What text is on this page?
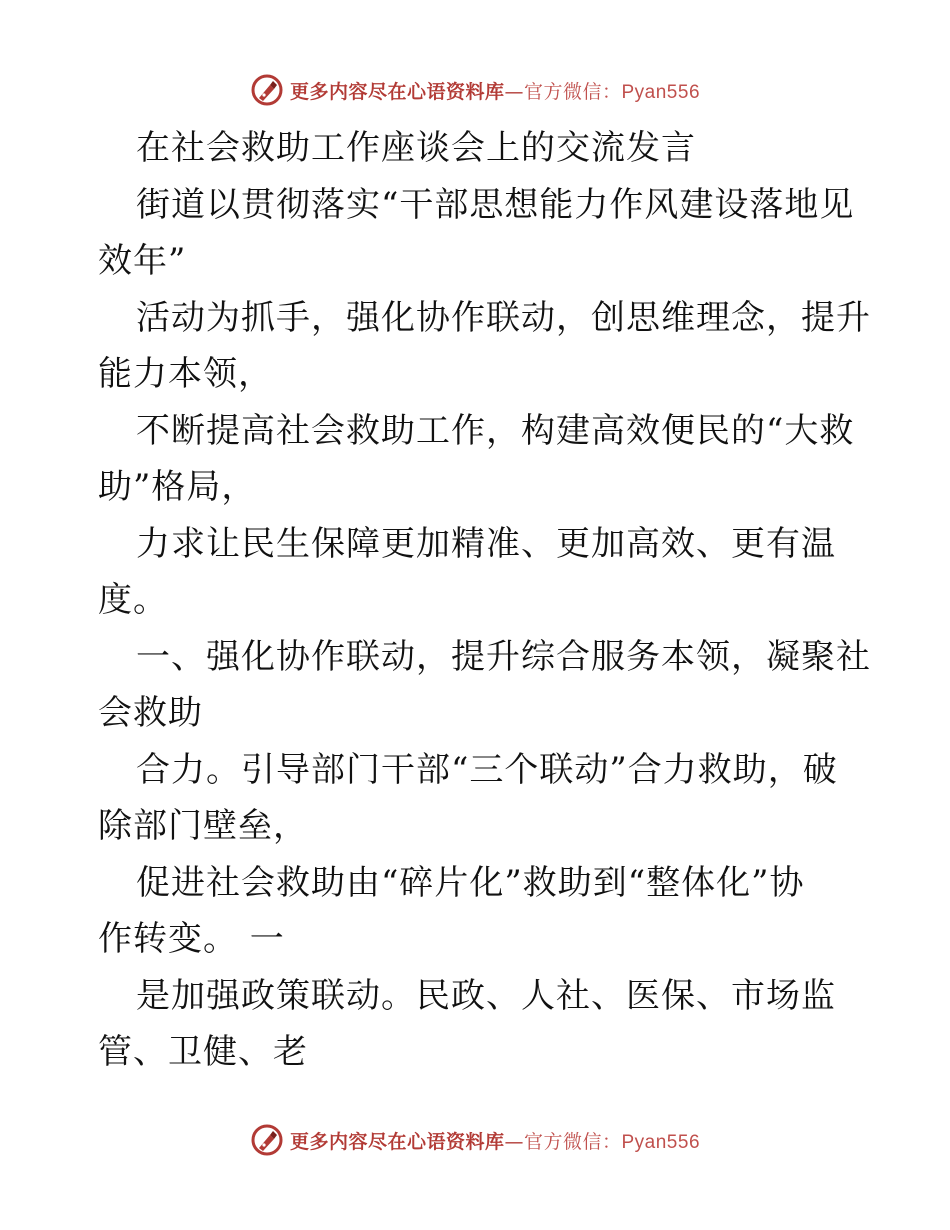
更多内容尽在心语资料库—官方微信：Pyan556
在社会救助工作座谈会上的交流发言
街道以贯彻落实“干部思想能力作风建设落地见
效年”
活动为抓手，强化协作联动，创思维理念，提升
能力本领，
不断提高社会救助工作，构建高效便民的“大救
助”格局，
力求让民生保障更加精准、更加高效、更有温
度。
一、强化协作联动，提升综合服务本领，凝聚社
会救助
合力。引导部门干部“三个联动”合力救助，破
除部门壁垒，
促进社会救助由“碎片化”救助到“整体化”协
作转变。 一
是加强政策联动。民政、人社、医保、市场监
管、卫健、老
更多内容尽在心语资料库—官方微信：Pyan556
